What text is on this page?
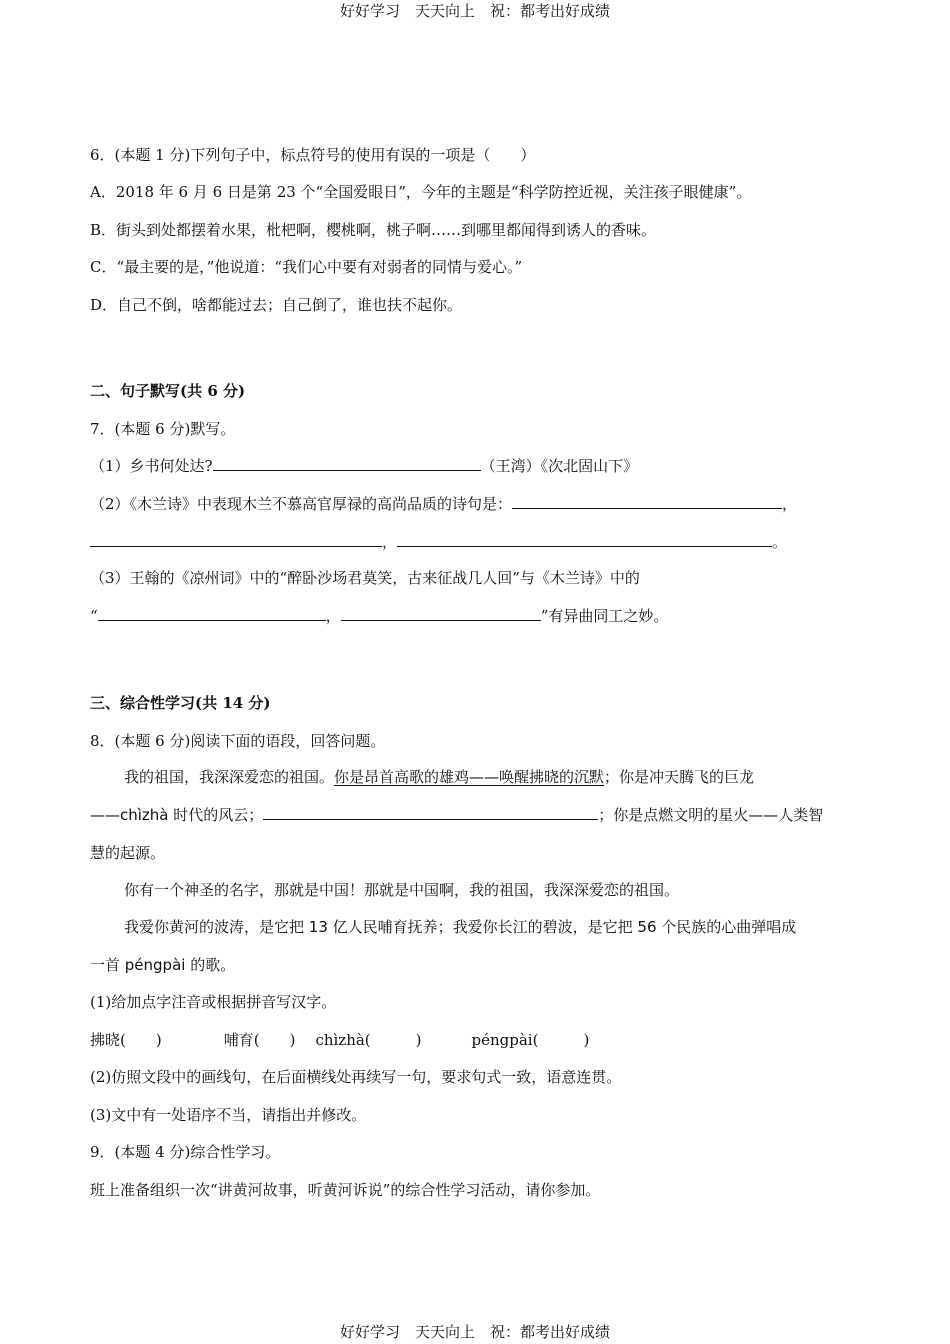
好好学习　天天向上　祝：都考出好成绩
6．(本题 1 分)下列句子中，标点符号的使用有误的一项是（　　）
A．2018 年 6 月 6 日是第 23 个“全国爱眼日”，今年的主题是“科学防控近视，关注孩子眼健康”。
B．街头到处都摆着水果，枇杷啊，樱桃啊，桃子啊……到哪里都闻得到诱人的香味。
C．“最主要的是，”他说道：“我们心中要有对弱者的同情与爱心。”
D．自己不倒，啥都能过去；自己倒了，谁也扶不起你。
二、句子默写(共 6 分)
7．(本题 6 分)默写。
（1）乡书何处达?	（王湾）《次北固山下》
（2）《木兰诗》中表现木兰不慕高官厚禄的高尚品质的诗句是：	，
，	。
（3）王翰的《凉州词》中的“醉卧沙场君莫笑，古来征战几人回”与《木兰诗》中的
“	，	”有异曲同工之妙。
三、综合性学习(共 14 分)
8．(本题 6 分)阅读下面的语段，回答问题。
我的祖国，我深深爱恋的祖国。你是昂首高歌的雄鸡——唤醒拂晓的沉默；你是冲天腾飞的巨龙
——chìzhà 时代的风云；	；你是点燃文明的星火——人类智
慧的起源。
你有一个神圣的名字，那就是中国！那就是中国啊，我的祖国，我深深爱恋的祖国。
我爱你黄河的波涛，是它把 13 亿人民哺育抚养；我爱你长江的碧波，是它把 56 个民族的心曲弹唱成
一首 péngpài 的歌。
(1)给加点字注音或根据拼音写汉字。
拂晓(　　)	哺育(　　) chìzhà(　　　)	péngpài(　　　)
(2)仿照文段中的画线句，在后面横线处再续写一句，要求句式一致，语意连贯。
(3)文中有一处语序不当，请指出并修改。
9．(本题 4 分)综合性学习。
班上准备组织一次“讲黄河故事，听黄河诉说”的综合性学习活动，请你参加。
好好学习　天天向上　祝：都考出好成绩
